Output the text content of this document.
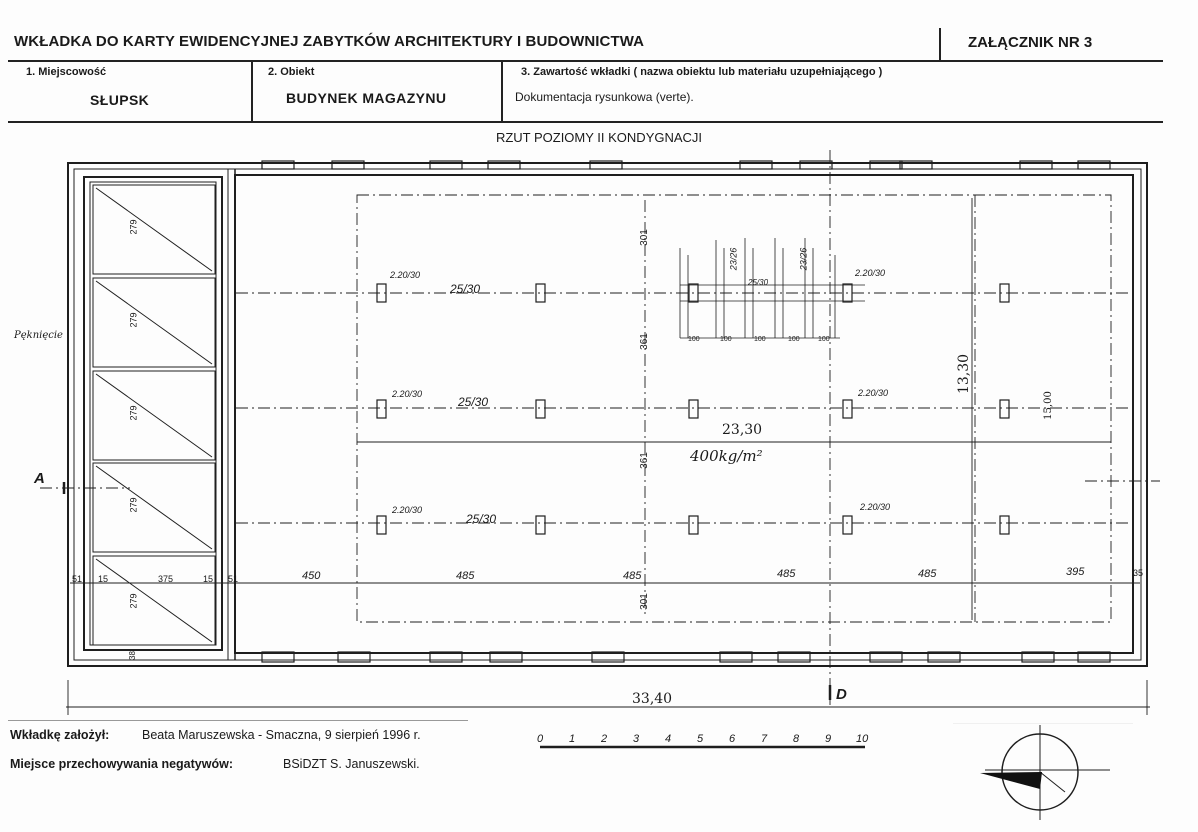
WKŁADKA DO KARTY EWIDENCYJNEJ ZABYTKÓW ARCHITEKTURY I BUDOWNICTWA	ZAŁĄCZNIK NR 3
1. Miejscowość
SŁUPSK
2. Obiekt
BUDYNEK MAGAZYNU
3. Zawartość wkładki ( nazwa obiektu lub materiału uzupełniającego )
Dokumentacja rysunkowa (verte).
RZUT POZIOMY II KONDYGNACJI
Pęknięcie
A
D
33,40
23,30
13,30
15,00
400kg/m²
279
279
279
279
279
450	485	485	485	485	395
51 15	375	15 51
35
301
361
361
301
38
2.20/30
25/30
2.20/30
25/30
2.20/30
25/30
2.20/30
2.20/30
2.20/30
23/26	23/26
25/30
100	100	100	100	100
0 1 2 3 4 5 6 7 8 9 10
Wkładkę założył:	Beata Maruszewska - Smaczna, 9 sierpień 1996 r.
Miejsce przechowywania negatywów:	BSiDZT S. Januszewski.
